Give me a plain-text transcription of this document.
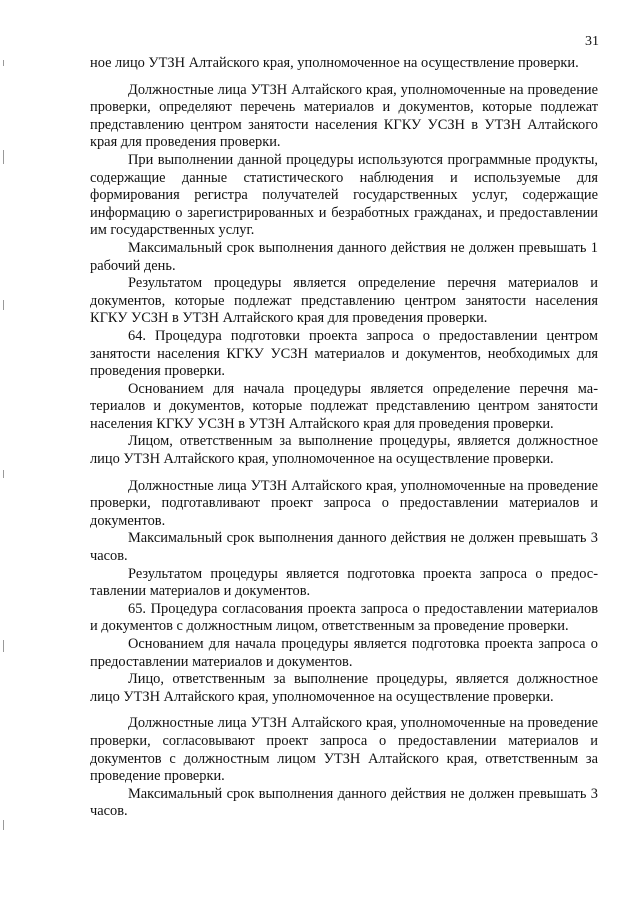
31

ное лицо УТЗН Алтайского края, уполномоченное на осуществление проверки.

Должностные лица УТЗН Алтайского края, уполномоченные на проведение проверки, определяют перечень материалов и документов, которые подлежат представлению центром занятости населения КГКУ УСЗН в УТЗН Алтайского края для проведения проверки.

При выполнении данной процедуры используются программные продукты, содержащие данные статистического наблюдения и используемые для формирования регистра получателей государственных услуг, содержащие информацию о зарегистрированных и безработных гражданах, и предоставлении им государственных услуг.

Максимальный срок выполнения данного действия не должен превышать 1 рабочий день.

Результатом процедуры является определение перечня материалов и документов, которые подлежат представлению центром занятости населения КГКУ УСЗН в УТЗН Алтайского края для проведения проверки.

64. Процедура подготовки проекта запроса о предоставлении центром занятости населения КГКУ УСЗН материалов и документов, необходимых для проведения проверки.

Основанием для начала процедуры является определение перечня материалов и документов, которые подлежат представлению центром занятости населения КГКУ УСЗН в УТЗН Алтайского края для проведения проверки.

Лицом, ответственным за выполнение процедуры, является должностное лицо УТЗН Алтайского края, уполномоченное на осуществление проверки.

Должностные лица УТЗН Алтайского края, уполномоченные на проведение проверки, подготавливают проект запроса о предоставлении материалов и документов.

Максимальный срок выполнения данного действия не должен превышать 3 часов.

Результатом процедуры является подготовка проекта запроса о предоставлении материалов и документов.

65. Процедура согласования проекта запроса о предоставлении материалов и документов с должностным лицом, ответственным за проведение проверки.

Основанием для начала процедуры является подготовка проекта запроса о предоставлении материалов и документов.

Лицо, ответственным за выполнение процедуры, является должностное лицо УТЗН Алтайского края, уполномоченное на осуществление проверки.

Должностные лица УТЗН Алтайского края, уполномоченные на проведение проверки, согласовывают проект запроса о предоставлении материалов и документов с должностным лицом УТЗН Алтайского края, ответственным за проведение проверки.

Максимальный срок выполнения данного действия не должен превышать 3 часов.
